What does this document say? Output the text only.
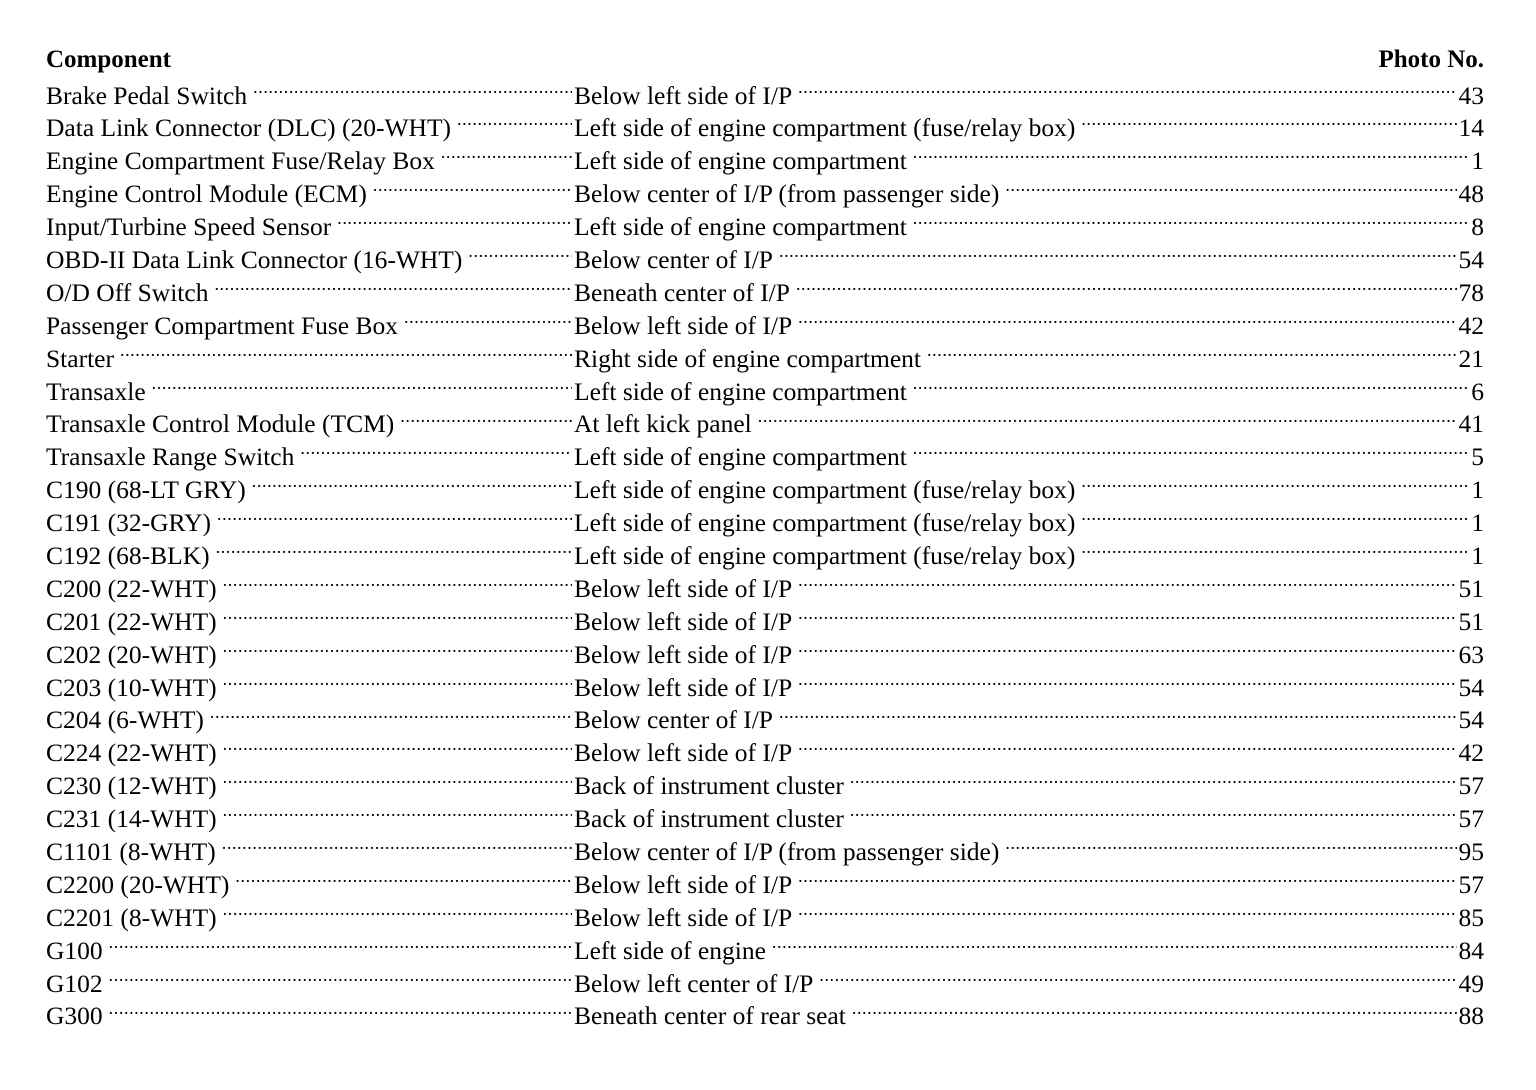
Component	Photo No.
Brake Pedal Switch .....	Below left side of I/P .....	43
Data Link Connector (DLC) (20-WHT) .....	Left side of engine compartment (fuse/relay box) .....	14
Engine Compartment Fuse/Relay Box .....	Left side of engine compartment .....	1
Engine Control Module (ECM) .....	Below center of I/P (from passenger side) .....	48
Input/Turbine Speed Sensor .....	Left side of engine compartment .....	8
OBD-II Data Link Connector (16-WHT) .....	Below center of I/P .....	54
O/D Off Switch .....	Beneath center of I/P .....	78
Passenger Compartment Fuse Box .....	Below left side of I/P .....	42
Starter .....	Right side of engine compartment .....	21
Transaxle .....	Left side of engine compartment .....	6
Transaxle Control Module (TCM) .....	At left kick panel .....	41
Transaxle Range Switch .....	Left side of engine compartment .....	5
C190 (68-LT GRY) .....	Left side of engine compartment (fuse/relay box) .....	1
C191 (32-GRY) .....	Left side of engine compartment (fuse/relay box) .....	1
C192 (68-BLK) .....	Left side of engine compartment (fuse/relay box) .....	1
C200 (22-WHT) .....	Below left side of I/P .....	51
C201 (22-WHT) .....	Below left side of I/P .....	51
C202 (20-WHT) .....	Below left side of I/P .....	63
C203 (10-WHT) .....	Below left side of I/P .....	54
C204 (6-WHT) .....	Below center of I/P .....	54
C224 (22-WHT) .....	Below left side of I/P .....	42
C230 (12-WHT) .....	Back of instrument cluster .....	57
C231 (14-WHT) .....	Back of instrument cluster .....	57
C1101 (8-WHT) .....	Below center of I/P (from passenger side) .....	95
C2200 (20-WHT) .....	Below left side of I/P .....	57
C2201 (8-WHT) .....	Below left side of I/P .....	85
G100 .....	Left side of engine .....	84
G102 .....	Below left center of I/P .....	49
G300 .....	Beneath center of rear seat .....	88
